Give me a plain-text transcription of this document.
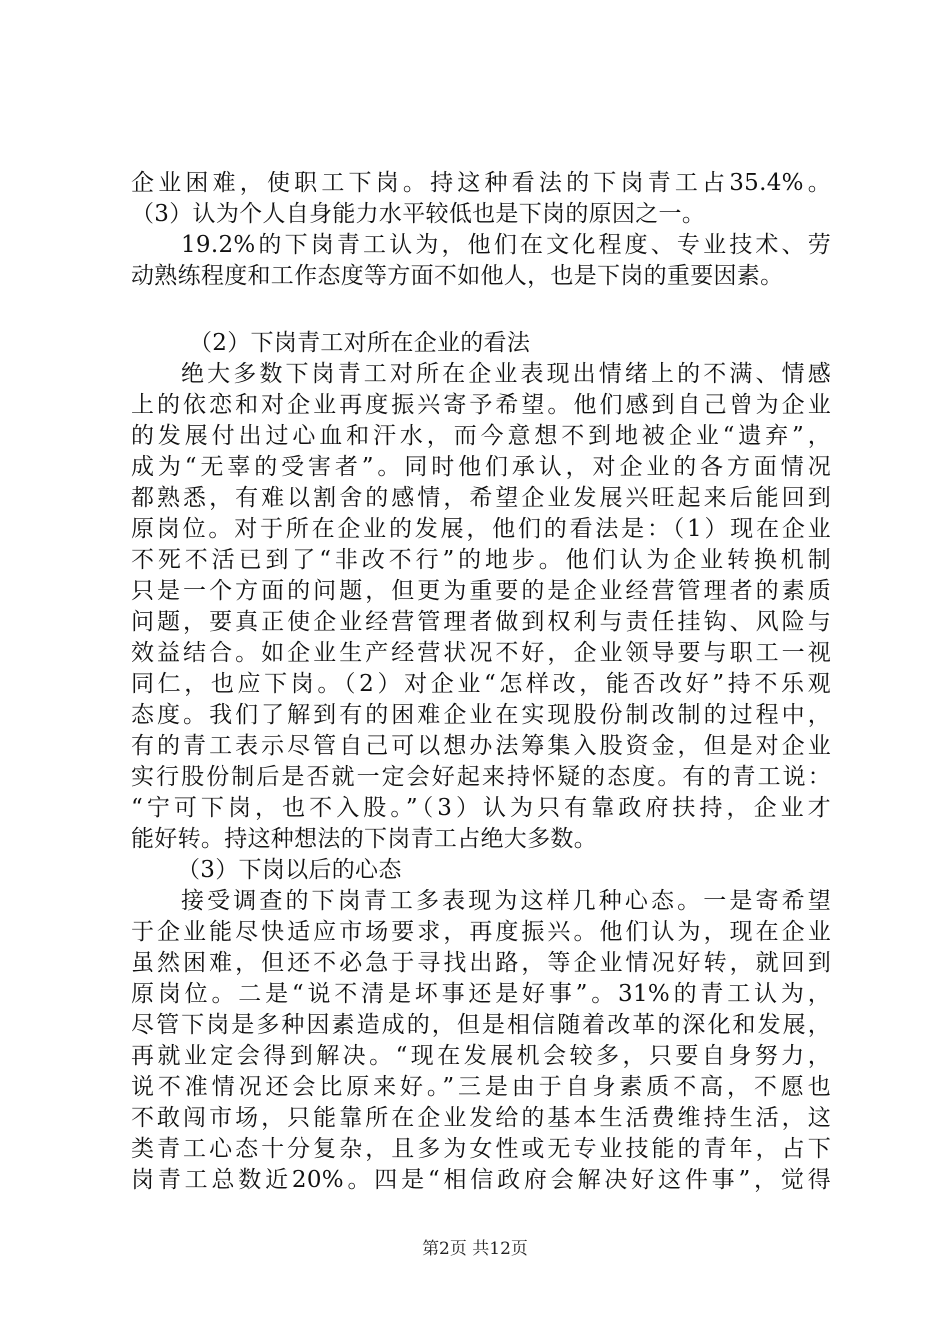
企业困难，使职工下岗。持这种看法的下岗青工占35.4%。
（3）认为个人自身能力水平较低也是下岗的原因之一。
19.2%的下岗青工认为，他们在文化程度、专业技术、劳
动熟练程度和工作态度等方面不如他人，也是下岗的重要因素。
（2）下岗青工对所在企业的看法
绝大多数下岗青工对所在企业表现出情绪上的不满、情感
上的依恋和对企业再度振兴寄予希望。他们感到自己曾为企业
的发展付出过心血和汗水，而今意想不到地被企业“遗弃”，
成为“无辜的受害者”。同时他们承认，对企业的各方面情况
都熟悉，有难以割舍的感情，希望企业发展兴旺起来后能回到
原岗位。对于所在企业的发展，他们的看法是：（1）现在企业
不死不活已到了“非改不行”的地步。他们认为企业转换机制
只是一个方面的问题，但更为重要的是企业经营管理者的素质
问题，要真正使企业经营管理者做到权利与责任挂钩、风险与
效益结合。如企业生产经营状况不好，企业领导要与职工一视
同仁，也应下岗。（2）对企业“怎样改，能否改好”持不乐观
态度。我们了解到有的困难企业在实现股份制改制的过程中，
有的青工表示尽管自己可以想办法筹集入股资金，但是对企业
实行股份制后是否就一定会好起来持怀疑的态度。有的青工说：
“宁可下岗，也不入股。”（3）认为只有靠政府扶持，企业才
能好转。持这种想法的下岗青工占绝大多数。
（3）下岗以后的心态
接受调查的下岗青工多表现为这样几种心态。一是寄希望
于企业能尽快适应市场要求，再度振兴。他们认为，现在企业
虽然困难，但还不必急于寻找出路，等企业情况好转，就回到
原岗位。二是“说不清是坏事还是好事”。31%的青工认为，
尽管下岗是多种因素造成的，但是相信随着改革的深化和发展，
再就业定会得到解决。“现在发展机会较多，只要自身努力，
说不准情况还会比原来好。”三是由于自身素质不高，不愿也
不敢闯市场，只能靠所在企业发给的基本生活费维持生活，这
类青工心态十分复杂，且多为女性或无专业技能的青年，占下
岗青工总数近20%。四是“相信政府会解决好这件事”，觉得
第2页 共12页
